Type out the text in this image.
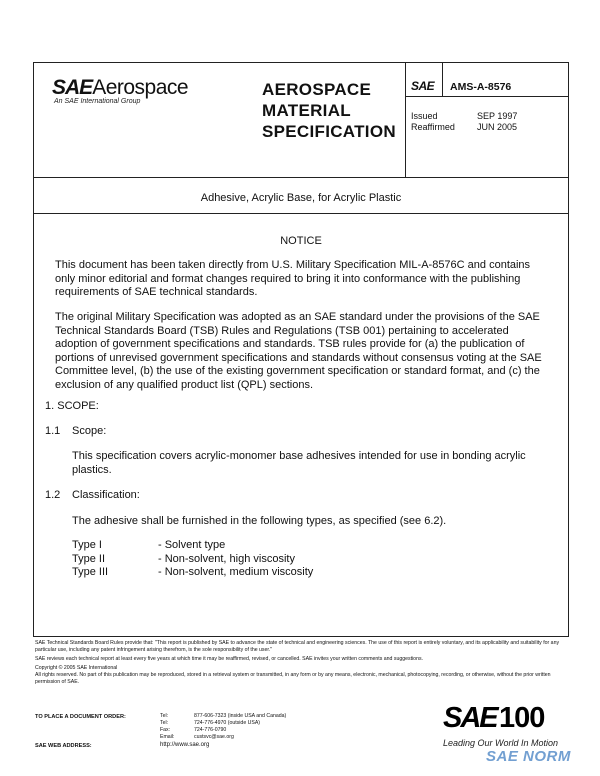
SAEAerospace
An SAE International Group
AEROSPACE
MATERIAL
SPECIFICATION
SAE AMS-A-8576
Issued	SEP 1997
Reaffirmed JUN 2005
Adhesive, Acrylic Base, for Acrylic Plastic
NOTICE
This document has been taken directly from U.S. Military Specification MIL-A-8576C and contains only minor editorial and format changes required to bring it into conformance with the publishing requirements of SAE technical standards.
The original Military Specification was adopted as an SAE standard under the provisions of the SAE Technical Standards Board (TSB) Rules and Regulations (TSB 001) pertaining to accelerated adoption of government specifications and standards. TSB rules provide for (a) the publication of portions of unrevised government specifications and standards without consensus voting at the SAE Committee level, (b) the use of the existing government specification or standard format, and (c) the exclusion of any qualified product list (QPL) sections.
1. SCOPE:
1.1 Scope:
This specification covers acrylic-monomer base adhesives intended for use in bonding acrylic plastics.
1.2 Classification:
The adhesive shall be furnished in the following types, as specified (see 6.2).
Type I	- Solvent type
Type II	- Non-solvent, high viscosity
Type III	- Non-solvent, medium viscosity
SAE Technical Standards Board Rules provide that: "This report is published by SAE to advance the state of technical and engineering sciences. The use of this report is entirely voluntary, and its applicability and suitability for any particular use, including any patent infringement arising therefrom, is the sole responsibility of the user."
SAE reviews each technical report at least every five years at which time it may be reaffirmed, revised, or cancelled. SAE invites your written comments and suggestions.
Copyright © 2005 SAE International
All rights reserved. No part of this publication may be reproduced, stored in a retrieval system or transmitted, in any form or by any means, electronic, mechanical, photocopying, recording, or otherwise, without the prior written permission of SAE.
TO PLACE A DOCUMENT ORDER:	Tel:	877-606-7323 (inside USA and Canada)
Tel:	724-776-4970 (outside USA)
Fax:	724-776-0790
Email:	custsvc@sae.org
SAE WEB ADDRESS:	http://www.sae.org
SAE 100
Leading Our World In Motion
SAE NORM
